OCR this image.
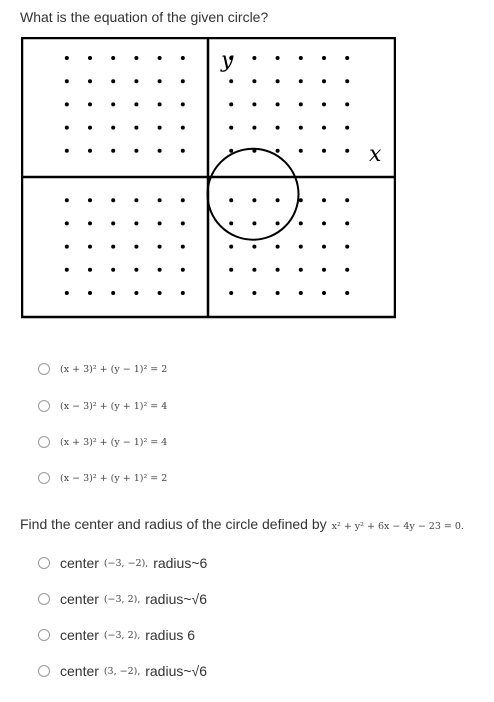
What is the equation of the given circle?
y
x
(x + 3)² + (y − 1)² = 2
(x − 3)² + (y + 1)² = 4
(x + 3)² + (y − 1)² = 4
(x − 3)² + (y + 1)² = 2
Find the center and radius of the circle defined by x² + y² + 6x − 4y − 23 = 0.
center
(−3, −2),
radius~6
center
(−3, 2),
radius~√6
center
(−3, 2),
radius 6
center
(3, −2),
radius~√6
